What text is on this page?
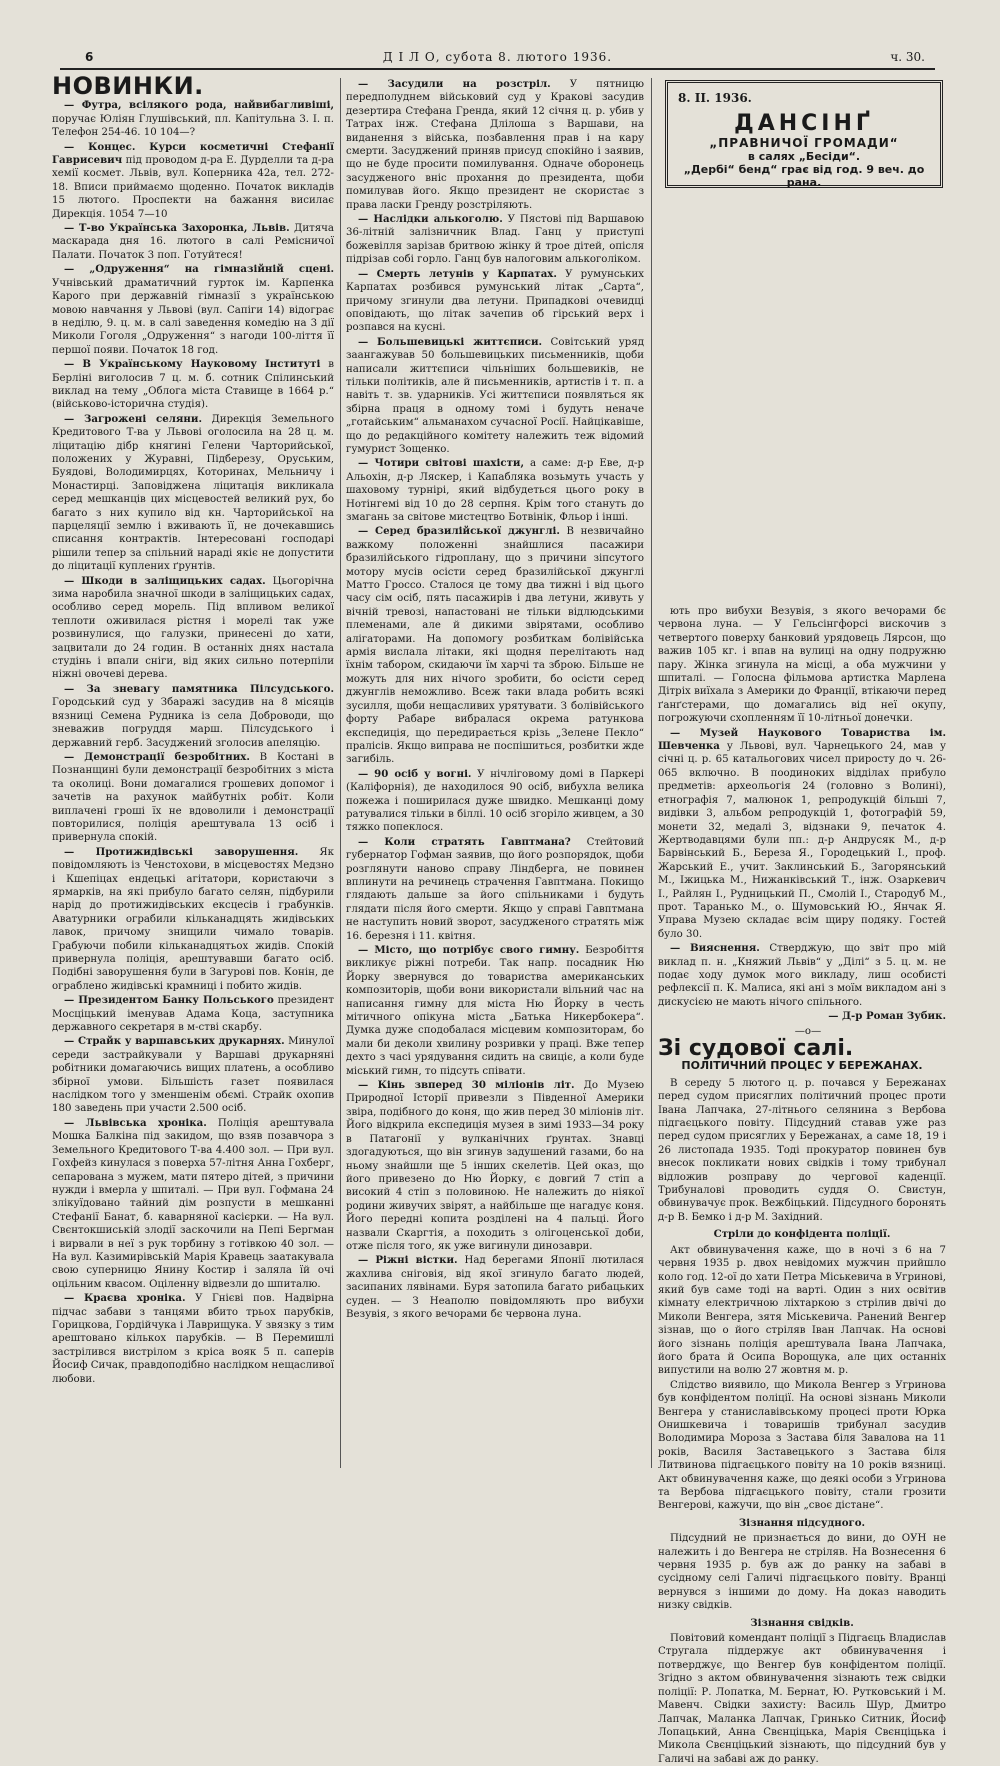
6	Д І Л О, субота 8. лютого 1936.	ч. 30.
НОВИНКИ.

— Футра, всілякого рода, найвибагливіші, поручає Юліян Глушівський, пл. Капітульна 3. І. п. Телефон 254-46. 10 104—?

— Концес. Курси косметичні Стефанії Гаврисевич під проводом д-ра Е. Дурделли та д-ра хемії космет. Львів, вул. Коперника 42а, тел. 272-18. Вписи приймаємо щоденно. Початок викладів 15 лютого. Проспекти на бажання висилає Дирекція. 1054 7—10

— Т-во Українська Захоронка, Львів. Дитяча маскарада дня 16. лютого в салі Ремісничої Палати. Початок 3 поп. Готуйтеся!

— „Одруження“ на гімназійній сцені. Учнівський драматичний гурток ім. Карпенка Карого при державній гімназії з українською мовою навчання у Львові (вул. Сапіги 14) відограє в неділю, 9. ц. м. в салі заведення комедію на 3 дії Миколи Гоголя „Одруження“ з нагоди 100-ліття її першої появи. Початок 18 год.

— В Українському Науковому Інституті в Берліні виголосив 7 ц. м. б. сотник Спілинський виклад на тему „Облога міста Ставище в 1664 р.“ (військово-історична студія).

— Загрожені селяни. Дирекція Земельного Кредитового Т-ва у Львові оголосила на 28 ц. м. ліцитацію дібр княгині Гелени Чарторийської, положених у Журавні, Підберезу, Оруським, Буядові, Володимирцях, Которинах, Мельничу і Монастирці. Заповіджена ліцитація викликала серед мешканців цих місцевостей великий рух, бо багато з них купило від кн. Чарторийської на парцеляції землю і вживають її, не дочекавшись списання контрактів. Інтересовані господарі рішили тепер за спільний нараді якіє не допустити до ліцитації куплених ґрунтів.

— Шкоди в заліщицьких садах. Цьогорічна зима наробила значної шкоди в заліщицьких садах, особливо серед морель. Під впливом великої теплоти оживилася рістня і морелі так уже розвинулися, що галузки, принесені до хати, зацвитали до 24 годин. В останніх днях настала студінь і впали сніги, від яких сильно потерпіли ніжні овочеві дерева.

— За зневагу памятника Пілсудського. Городський суд у Збаражі засудив на 8 місяців вязниці Семена Рудника із села Доброводи, що зневажив погруддя марш. Пілсудського і державний герб. Засуджений зголосив апеляцію.

— Демонстрації безробітних. В Костані в Познанщині були демонстрації безробітних з міста та околиці. Вони домагалися грошевих допомог і зачетів на рахунок майбутніх робіт. Коли виплачені гроші їх не вдоволили і демонстрації повторилися, поліція арештувала 13 осіб і привернула спокій.

— Протижидівські заворушення. Як повідомляють із Ченстохови, в місцевостях Медзно і Кшепіцах ендецькі агітатори, користаючи з ярмарків, на які прибуло багато селян, підбурили нарід до протижидівських ексцесів і грабунків. Аватурники ограбили кільканадцять жидівських лавок, причому знищили чимало товарів. Грабуючи побили кільканадцятьох жидів. Спокій привернула поліція, арештувавши багато осіб. Подібні заворушення були в Загурові пов. Конін, де ограблено жидівські крамниці і побито жидів.

— Президентом Банку Польського президент Мосціцький іменував Адама Коца, заступника державного секретаря в м-стві скарбу.

— Страйк у варшавських друкарнях. Минулої середи застрайкували у Варшаві друкарняні робітники домагаючись вищих платень, а особливо збірної умови. Більшість газет появилася наслідком того у зменшенім обємі. Страйк охопив 180 заведень при участи 2.500 осіб.

— Львівська хроніка. Поліція арештувала Мошка Балкіна під закидом, що взяв позавчора з Земельного Кредитового Т-ва 4.400 зол. — При вул. Гохфейз кинулася з поверха 57-літня Анна Гохберг, сепарована з мужем, мати пятеро дітей, з причини нужди і вмерла у шпиталі. — При вул. Гофмана 24 злікуїдовано тайний дім розпусти в мешканні Стефанії Банат, б. каварняної касієрки. — На вул. Свєнтокшиській злодії заскочили на Пепі Бергман і вирвали в неї з рук торбину з готівкою 40 зол. — На вул. Казимирівській Марія Кравець заатакувала свою суперницю Янину Костир і заляла їй очі оцільним квасом. Оціленну відвезли до шпиталю.

— Краєва хроніка. У Гнієві пов. Надвірна підчас забави з танцями вбито трьох парубків, Горицкова, Гордійчука і Лаврищука. У звязку з тим арештовано кількох парубків. — В Перемишлі застрілився вистрілом з кріса вояк 5 п. саперів Йосиф Сичак, правдоподібно наслідком нещасливої любови.

— Засудили на розстріл. У пятницю передполуднем військовий суд у Кракові засудив дезертира Стефана Гренда, який 12 січня ц. р. убив у Татрах інж. Стефана Длілоша з Варшави, на виданення з війська, позбавлення прав і на кару смерти. Засуджений приняв присуд спокійно і заявив, що не буде просити помилування. Одначе оборонець засудженого вніс прохання до президента, щоби помилував його. Якщо президент не скористає з права ласки Гренду розстріляють.

— Наслідки алькоголю. У Пястові під Варшавою 36-літній залізничник Влад. Ганц у приступі божевілля зарізав бритвою жінку й трое дітей, опісля підрізав собі горло. Ганц був налоговим алькоголіком.

— Смерть летунів у Карпатах. У румунських Карпатах розбився румунський літак „Сарта“, причому згинули два летуни. Припадкові очевидці оповідають, що літак зачепив об гірський верх і розпався на кусні.

— Большевицькі життєписи. Совітський уряд заангажував 50 большевицьких письменників, щоби написали життєписи чільніших большевиків, не тільки політиків, але й письменників, артистів і т. п. а навіть т. зв. ударників. Усі життєписи появляться як збірна праця в одному томі і будуть неначе „готайським“ альманахом сучасної Росії. Найцікавіше, що до редакційного комітету належить теж відомий гумурист Зощенко.

— Чотири світові шахісти, а саме: д-р Еве, д-р Альохін, д-р Ляскер, і Капабляка возьмуть участь у шаховому турнірі, який відбудеться цього року в Нотінгемі від 10 до 28 серпня. Крім того стануть до змагань за світове мистецтво Ботвінік, Фльор і інші.

— Серед бразилійської джунглі. В незвичайно важкому положенні знайшлися пасажири бразилійського гідроплану, що з причини зіпсутого мотору мусів осісти серед бразилійської джунглі Матто Гроссо. Сталося це тому два тижні і від цього часу сім осіб, пять пасажирів і два летуни, живуть у вічній тревозі, напастовані не тільки відлюдськими племенами, але й дикими звірятами, особливо алігаторами. На допомогу розбиткам болівійська армія вислала літаки, які щодня перелітають над їхнім табором, скидаючи їм харчі та зброю. Більше не можуть для них нічого зробити, бо осісти серед джунглів неможливо. Всеж таки влада робить всякі зусилля, щоби нещасливих урятувати. З болівійського форту Рабаре вибралася окрема ратункова експедиція, що передирається крізь „Зелене Пекло“ пралісів. Якщо виправа не поспішиться, розбитки жде загибіль.

— 90 осіб у вогні. У нічліговому домі в Паркері (Каліфорнія), де находилося 90 осіб, вибухла велика пожежа і поширилася дуже швидко. Мешканці дому ратувалися тільки в біллі. 10 осіб згоріло живцем, а 30 тяжко попеклося.

— Коли стратять Гавптмана? Стейтовий губернатор Гофман заявив, що його розпорядок, щоби розглянути наново справу Ліндберга, не повинен вплинути на речинець страчення Гавптмана. Покищо глядають дальше за його спільниками і будуть глядати після його смерти. Якщо у справі Гавптмана не наступить новий зворот, засудженого стратять між 16. березня і 11. квітня.

— Місто, що потрібує свого гимну. Безробіття викликує ріжні потреби. Так напр. посадник Ню Йорку звернувся до товариства американських композиторів, щоби вони використали вільний час на написання гимну для міста Ню Йорку в честь мітичного опікуна міста „Батька Никербокера“. Думка дуже сподобалася місцевим композиторам, бо мали би деколи хвилину розривки у праці. Вже тепер дехто з часі урядування сидить на свиціє, а коли буде міський гимн, то підсуть співати.

— Кінь звперед 30 міліонів літ. До Музею Природної Історії привезли з Південної Америки звіра, подібного до коня, що жив перед 30 міліонів літ. Його відкрила експедиція музея в зимі 1933—34 року в Патагонії у вулканічних ґрунтах. Знавці здогадуються, що він згинув задушений газами, бо на ньому знайшли ще 5 інших скелетів. Цей оказ, що його привезено до Ню Йорку, є довгий 7 стіп а високий 4 стіп з половиною. Не належить до ніякої родини живучих звірят, а найбільше ще нагадує коня. Його передні копита розділені на 4 пальці. Його назвали Скаргтія, а походить з олігоценської доби, отже після того, як уже вигинули динозаври.

— Ріжні вістки. Над берегами Японії лютилася жахлива сніговія, від якої згинуло багато людей, засипаних лявінами. Буря затопила багато рибацьких суден. — З Неаполю повідомляють про вибухи Везувія, з якого вечорами бє червона луна.

8. II. 1936.
ДАНСІНҐ
„ПРАВНИЧОЇ ГРОМАДИ“
в салях „Бесіди“.
„Дербі“ бенд“ грає від год. 9 веч. до рана.

ють про вибухи Везувія, з якого вечорами бє червона луна. — У Гельсінгфорсі вискочив з четвертого поверху банковий урядовець Лярсон, що важив 105 кг. і впав на вулиці на одну подружню пару. Жінка згинула на місці, а оба мужчини у шпиталі. — Голосна фільмова артистка Марлена Дітріх виїхала з Америки до Франції, втікаючи перед ґанґстерами, що домагались від неї окупу, погрожуючи схопленням її 10-літньої донечки.

— Музей Наукового Товариства ім. Шевченка у Львові, вул. Чарнецького 24, мав у січні ц. р. 65 катальогових чисел приросту до ч. 26-065 включно. В поодиноких відділах прибуло предметів: археольогія 24 (головно з Волині), етнографія 7, малюнок 1, репродукцій більші 7, видівки 3, альбом репродукцій 1, фотографій 59, монети 32, медалі 3, відзнаки 9, печаток 4. Жертводавцями були пп.: д-р Андрусяк М., д-р Барвінський Б., Береза Я., Городецький І., проф. Жарський Е., учит. Заклинський Б., Загорянський М., Іжицька М., Нижанківський Т., інж. Озаркевич І., Райлян І., Рудницький П., Смолій І., Стародуб М., прот. Таранько М., о. Шумовський Ю., Янчак Я. Управа Музею складає всім щиру подяку. Гостей було 30.

— Вияснення. Стверджую, що звіт про мій виклад п. н. „Княжий Львів“ у „Ділі“ з 5. ц. м. не подає ходу думок мого викладу, лиш особисті рефлексії п. К. Малиса, які ані з моїм викладом ані з дискусією не мають нічого спільного.

— Д-р Роман Зубик.

—o—

Зі судової салі.

ПОЛІТИЧНИЙ ПРОЦЕС У БЕРЕЖАНАХ.

В середу 5 лютого ц. р. почався у Бережанах перед судом присяглих політичний процес проти Івана Лапчака, 27-літнього селянина з Вербова підгаєцького повіту. Підсудний ставав уже раз перед судом присяглих у Бережанах, а саме 18, 19 і 26 листопада 1935. Тоді прокуратор повинен був внесок покликати нових свідків і тому трибунал відложив розправу до чергової каденції. Трибуналові проводить суддя О. Свистун, обвинувачує прок. Вежбіцький. Підсудного боронять д-р В. Бемко і д-р М. Західний.

Стріли до конфідента поліції.

Акт обвинувачення каже, що в ночі з 6 на 7 червня 1935 р. двох невідомих мужчин прийшло коло год. 12-ої до хати Петра Міськевича в Угринові, який був саме тоді на варті. Один з них освітив кімнату електричною ліхтаркою з стрілив двічі до Миколи Венгера, зятя Міськевича. Ранений Венгер зізнав, що о його стріляв Іван Лапчак. На основі його зізнань поліція арештувала Івана Лапчака, його брата й Осипа Ворощука, але цих останніх випустили на волю 27 жовтня м. р.

Слідство виявило, що Микола Венгер з Угринова був конфідентом поліції. На основі зізнань Миколи Венгера у станиславівському процесі проти Юрка Онишкевича і товаришів трибунал засудив Володимира Мороза з Застава біля Завалова на 11 років, Василя Заставецького з Застава біля Литвинова підгаєцького повіту на 10 років вязниці. Акт обвинувачення каже, що деякі особи з Угринова та Вербова підгаєцького повіту, стали грозити Венгерові, кажучи, що він „своє дістане“.

Зізнання підсудного.

Підсудний не признається до вини, до ОУН не належить і до Венгера не стріляв. На Вознесення 6 червня 1935 р. був аж до ранку на забаві в сусідному селі Галичі підгаєцького повіту. Вранці вернувся з іншими до дому. На доказ наводить низку свідків.

Зізнання свідків.

Повітовий комендант поліції з Підгаєць Владислав Стругала піддержує акт обвинувачення і потверджує, що Венгер був конфідентом поліції. Згідно з актом обвинувачення зізнають теж свідки поліції: Р. Лопатка, М. Бернат, Ю. Рутковський і М. Мавенч. Свідки захисту: Василь Шур, Дмитро Лапчак, Маланка Лапчак, Гринько Ситник, Йосиф Лопацький, Анна Свєнціцька, Марія Свєнціцька і Микола Свєнціцький зізнають, що підсудний був у Галичі на забаві аж до ранку.
